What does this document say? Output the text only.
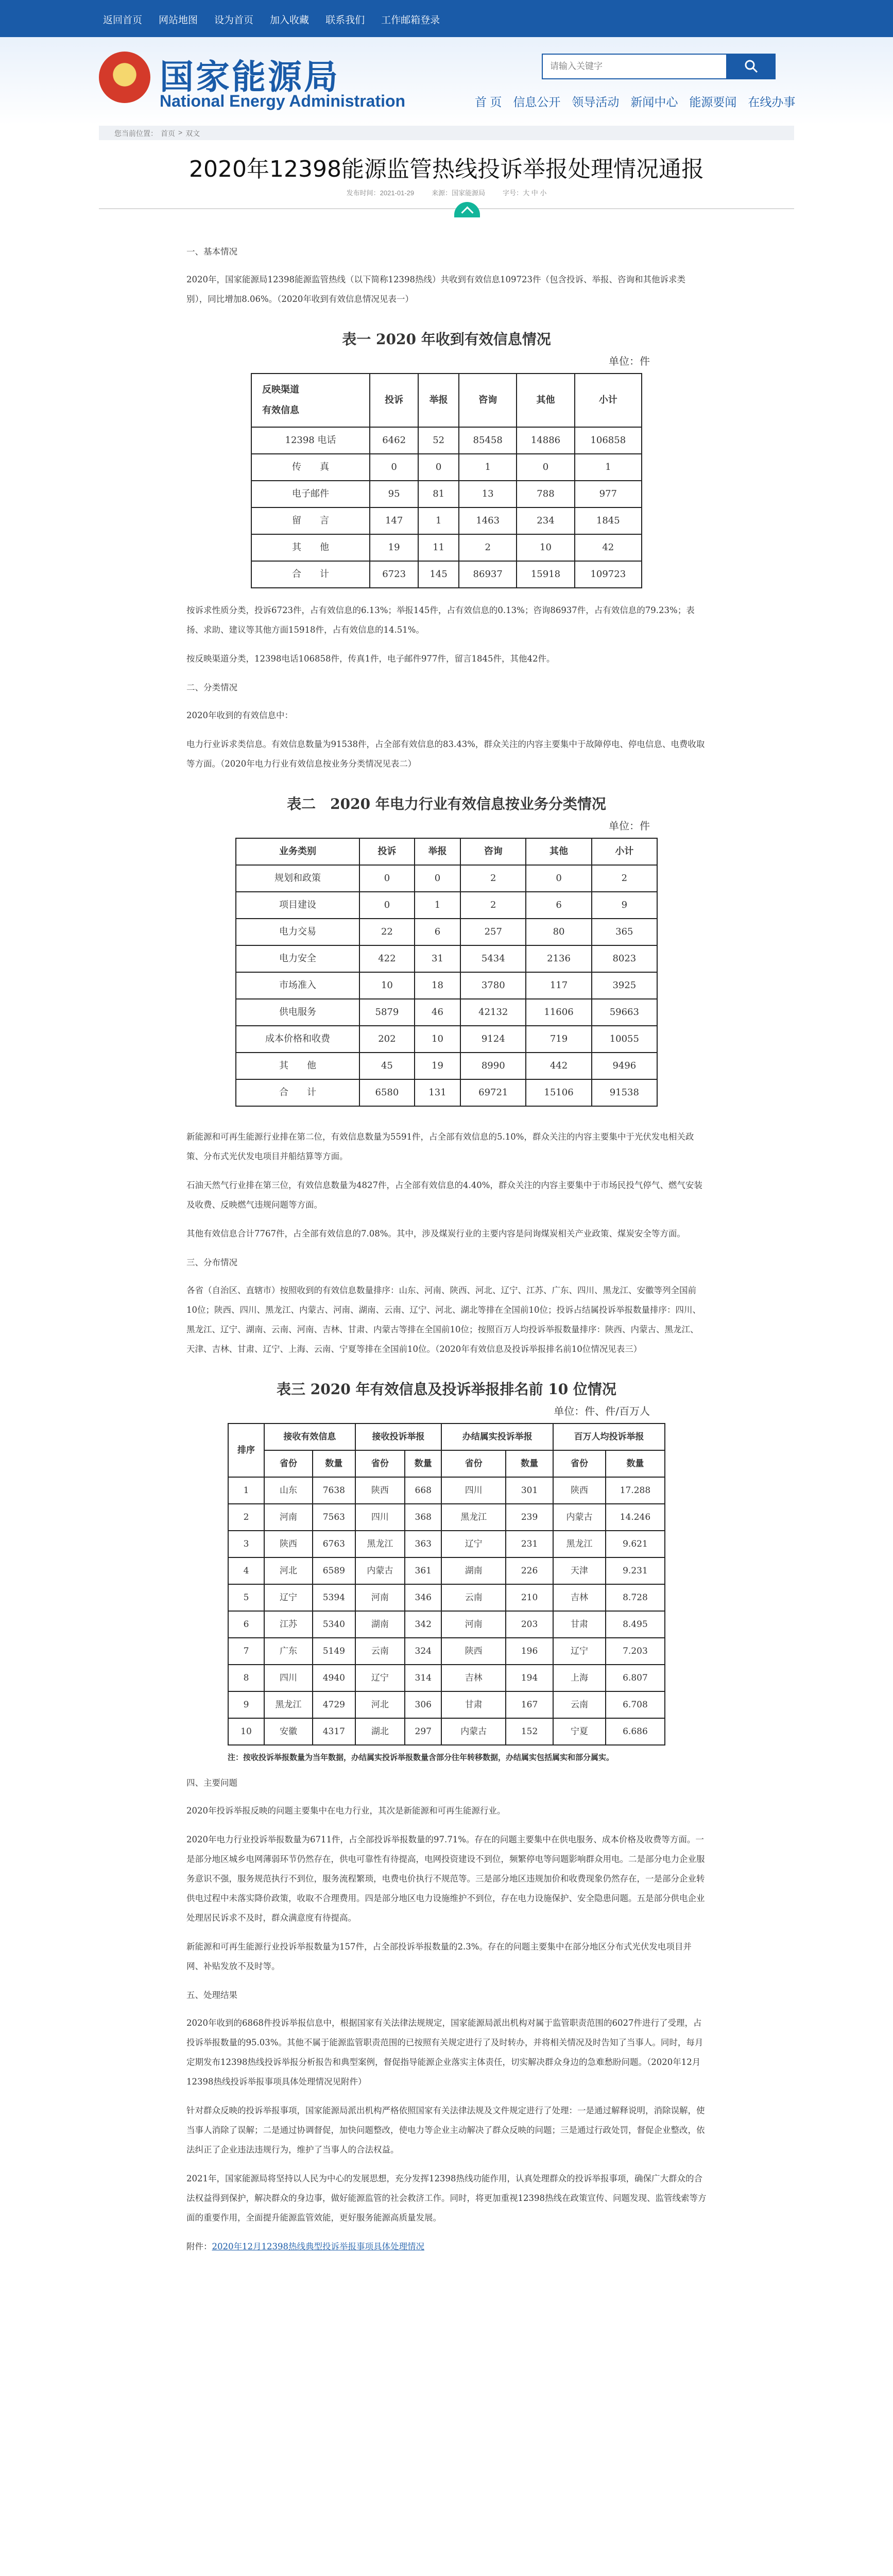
返回首页 网站地图 设为首页 加入收藏 联系我们 工作邮箱登录
国家能源局
National Energy Administration
请输入关键字	首 页 信息公开 领导活动 新闻中心 能源要闻 在线办事
您当前位置： 首页 > 双文
2020年12398能源监管热线投诉举报处理情况通报
发布时间：2021-01-29	来源：国家能源局	字号：大 中 小

一、基本情况

2020年，国家能源局12398能源监管热线（以下简称12398热线）共收到有效信息109723件（包含投诉、举报、咨询和其他诉求类别），同比增加8.06%。（2020年收到有效信息情况见表一）

表一 2020 年收到有效信息情况
单位：件
反映渠道
有效信息	投诉	举报	咨询	其他	小计
12398 电话	6462	52	85458	14886	106858
传　　真	0	0	1	0	1
电子邮件	95	81	13	788	977
留　　言	147	1	1463	234	1845
其　　他	19	11	2	10	42
合　　计	6723	145	86937	15918	109723

按诉求性质分类，投诉6723件，占有效信息的6.13%；举报145件，占有效信息的0.13%；咨询86937件，占有效信息的79.23%；表扬、求助、建议等其他方面15918件，占有效信息的14.51%。

按反映渠道分类，12398电话106858件，传真1件，电子邮件977件，留言1845件，其他42件。

二、分类情况

2020年收到的有效信息中：

电力行业诉求类信息。有效信息数量为91538件，占全部有效信息的83.43%，群众关注的内容主要集中于故障停电、停电信息、电费收取等方面。（2020年电力行业有效信息按业务分类情况见表二）

表二　2020 年电力行业有效信息按业务分类情况
单位：件
业务类别	投诉	举报	咨询	其他	小计
规划和政策	0	0	2	0	2
项目建设	0	1	2	6	9
电力交易	22	6	257	80	365
电力安全	422	31	5434	2136	8023
市场准入	10	18	3780	117	3925
供电服务	5879	46	42132	11606	59663
成本价格和收费	202	10	9124	719	10055
其　　他	45	19	8990	442	9496
合　　计	6580	131	69721	15106	91538

新能源和可再生能源行业排在第二位，有效信息数量为5591件，占全部有效信息的5.10%，群众关注的内容主要集中于光伏发电相关政策、分布式光伏发电项目并船结算等方面。

石油天然气行业排在第三位，有效信息数量为4827件，占全部有效信息的4.40%，群众关注的内容主要集中于市场民投气停气、燃气安装及收费、反映燃气违规问题等方面。

其他有效信息合计7767件，占全部有效信息的7.08%。其中，涉及煤炭行业的主要内容是问询煤炭相关产业政策、煤炭安全等方面。

三、分布情况

各省（自治区、直辖市）按照收到的有效信息数量排序：山东、河南、陕西、河北、辽宁、江苏、广东、四川、黑龙江、安徽等列全国前10位；陕西、四川、黑龙江、内蒙古、河南、湖南、云南、辽宁、河北、湖北等排在全国前10位；投诉占结属投诉举报数量排序：四川、黑龙江、辽宁、湖南、云南、河南、吉林、甘肃、内蒙古等排在全国前10位；按照百万人均投诉举报数量排序：陕西、内蒙古、黑龙江、天津、吉林、甘肃、辽宁、上海、云南、宁夏等排在全国前10位。（2020年有效信息及投诉举报排名前10位情况见表三）

表三 2020 年有效信息及投诉举报排名前 10 位情况
单位：件、件/百万人
排序	接收有效信息		接收投诉举报		办结属实投诉举报		百万人均投诉举报	
	省份	数量	省份	数量	省份	数量	省份	数量
1	山东	7638	陕西	668	四川	301	陕西	17.288
2	河南	7563	四川	368	黑龙江	239	内蒙古	14.246
3	陕西	6763	黑龙江	363	辽宁	231	黑龙江	9.621
4	河北	6589	内蒙古	361	湖南	226	天津	9.231
5	辽宁	5394	河南	346	云南	210	吉林	8.728
6	江苏	5340	湖南	342	河南	203	甘肃	8.495
7	广东	5149	云南	324	陕西	196	辽宁	7.203
8	四川	4940	辽宁	314	吉林	194	上海	6.807
9	黑龙江	4729	河北	306	甘肃	167	云南	6.708
10	安徽	4317	湖北	297	内蒙古	152	宁夏	6.686

注：按收投诉举报数量为当年数据，办结属实投诉举报数量含部分往年转移数据，办结属实包括属实和部分属实。

四、主要问题

2020年投诉举报反映的问题主要集中在电力行业，其次是新能源和可再生能源行业。

2020年电力行业投诉举报数量为6711件，占全部投诉举报数量的97.71%。存在的问题主要集中在供电服务、成本价格及收费等方面。一是部分地区城乡电网薄弱环节仍然存在，供电可靠性有待提高，电网投资建设不到位，频繁停电等问题影响群众用电。二是部分电力企业服务意识不强，服务规范执行不到位，服务流程繁琐，电费电价执行不规范等。三是部分地区违规加价和收费现象仍然存在，一是部分企业转供电过程中未落实降价政策，收取不合理费用。四是部分地区电力设施维护不到位，存在电力设施保护、安全隐患问题。五是部分供电企业处理居民诉求不及时，群众满意度有待提高。

新能源和可再生能源行业投诉举报数量为157件，占全部投诉举报数量的2.3%。存在的问题主要集中在部分地区分布式光伏发电项目并网、补贴发放不及时等。

五、处理结果

2020年收到的6868件投诉举报信息中，根据国家有关法律法规规定，国家能源局派出机构对属于监管职责范围的6027件进行了受理，占投诉举报数量的95.03%。其他不属于能源监管职责范围的已按照有关规定进行了及时转办，并将相关情况及时告知了当事人。同时，每月定期发布12398热线投诉举报分析报告和典型案例，督促指导能源企业落实主体责任，切实解决群众身边的急难愁盼问题。（2020年12月12398热线投诉举报事项具体处理情况见附件）

针对群众反映的投诉举报事项，国家能源局派出机构严格依照国家有关法律法规及文件规定进行了处理：一是通过解释说明，消除误解，使当事人消除了误解；二是通过协调督促，加快问题整改，使电力等企业主动解决了群众反映的问题；三是通过行政处罚，督促企业整改，依法纠正了企业违法违规行为，维护了当事人的合法权益。

2021年，国家能源局将坚持以人民为中心的发展思想，充分发挥12398热线功能作用，认真处理群众的投诉举报事项，确保广大群众的合法权益得到保护，解决群众的身边事，做好能源监管的社会救济工作。同时，将更加重视12398热线在政策宣传、问题发现、监管线索等方面的重要作用，全面提升能源监管效能，更好服务能源高质量发展。

附件：2020年12月12398热线典型投诉举报事项具体处理情况
